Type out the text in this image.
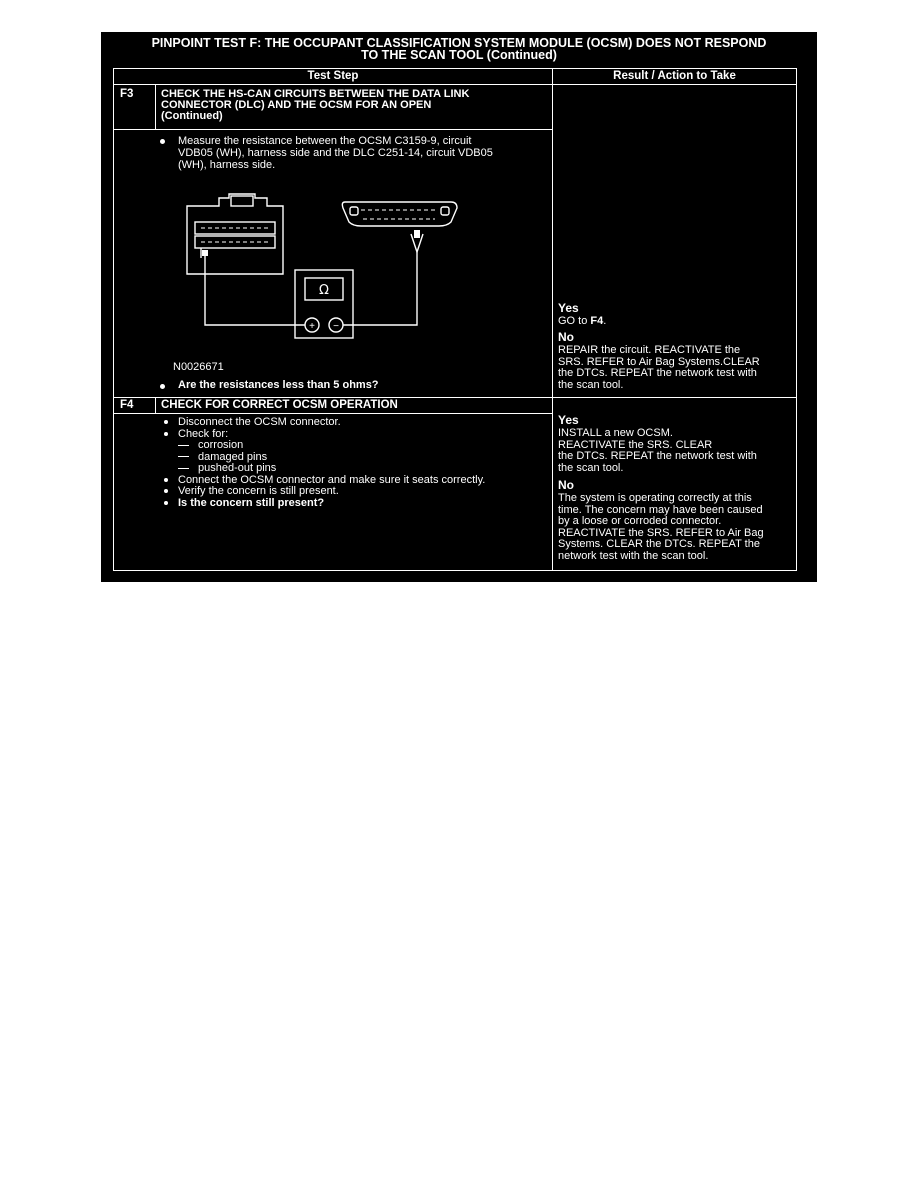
PINPOINT TEST F: THE OCCUPANT CLASSIFICATION SYSTEM MODULE (OCSM) DOES NOT RESPOND
TO THE SCAN TOOL (Continued)
Test Step	Result / Action to Take
F3	CHECK THE HS-CAN CIRCUITS BETWEEN THE DATA LINK
CONNECTOR (DLC) AND THE OCSM FOR AN OPEN
(Continued)
Measure the resistance between the OCSM C3159-9, circuit
VDB05 (WH), harness side and the DLC C251-14, circuit VDB05
(WH), harness side.
Ω
+ −
N0026671
Are the resistances less than 5 ohms?
Yes
GO to F4.
No
REPAIR the circuit. REACTIVATE the
SRS. REFER to Air Bag Systems.CLEAR
the DTCs. REPEAT the network test with
the scan tool.
F4 CHECK FOR CORRECT OCSM OPERATION
Disconnect the OCSM connector.
Check for:
corrosion
damaged pins
pushed-out pins
Connect the OCSM connector and make sure it seats correctly.
Verify the concern is still present.
Is the concern still present?
Yes
INSTALL a new OCSM.
REACTIVATE the SRS. CLEAR
the DTCs. REPEAT the network test with
the scan tool.
No
The system is operating correctly at this
time. The concern may have been caused
by a loose or corroded connector.
REACTIVATE the SRS. REFER to Air Bag
Systems. CLEAR the DTCs. REPEAT the
network test with the scan tool.
